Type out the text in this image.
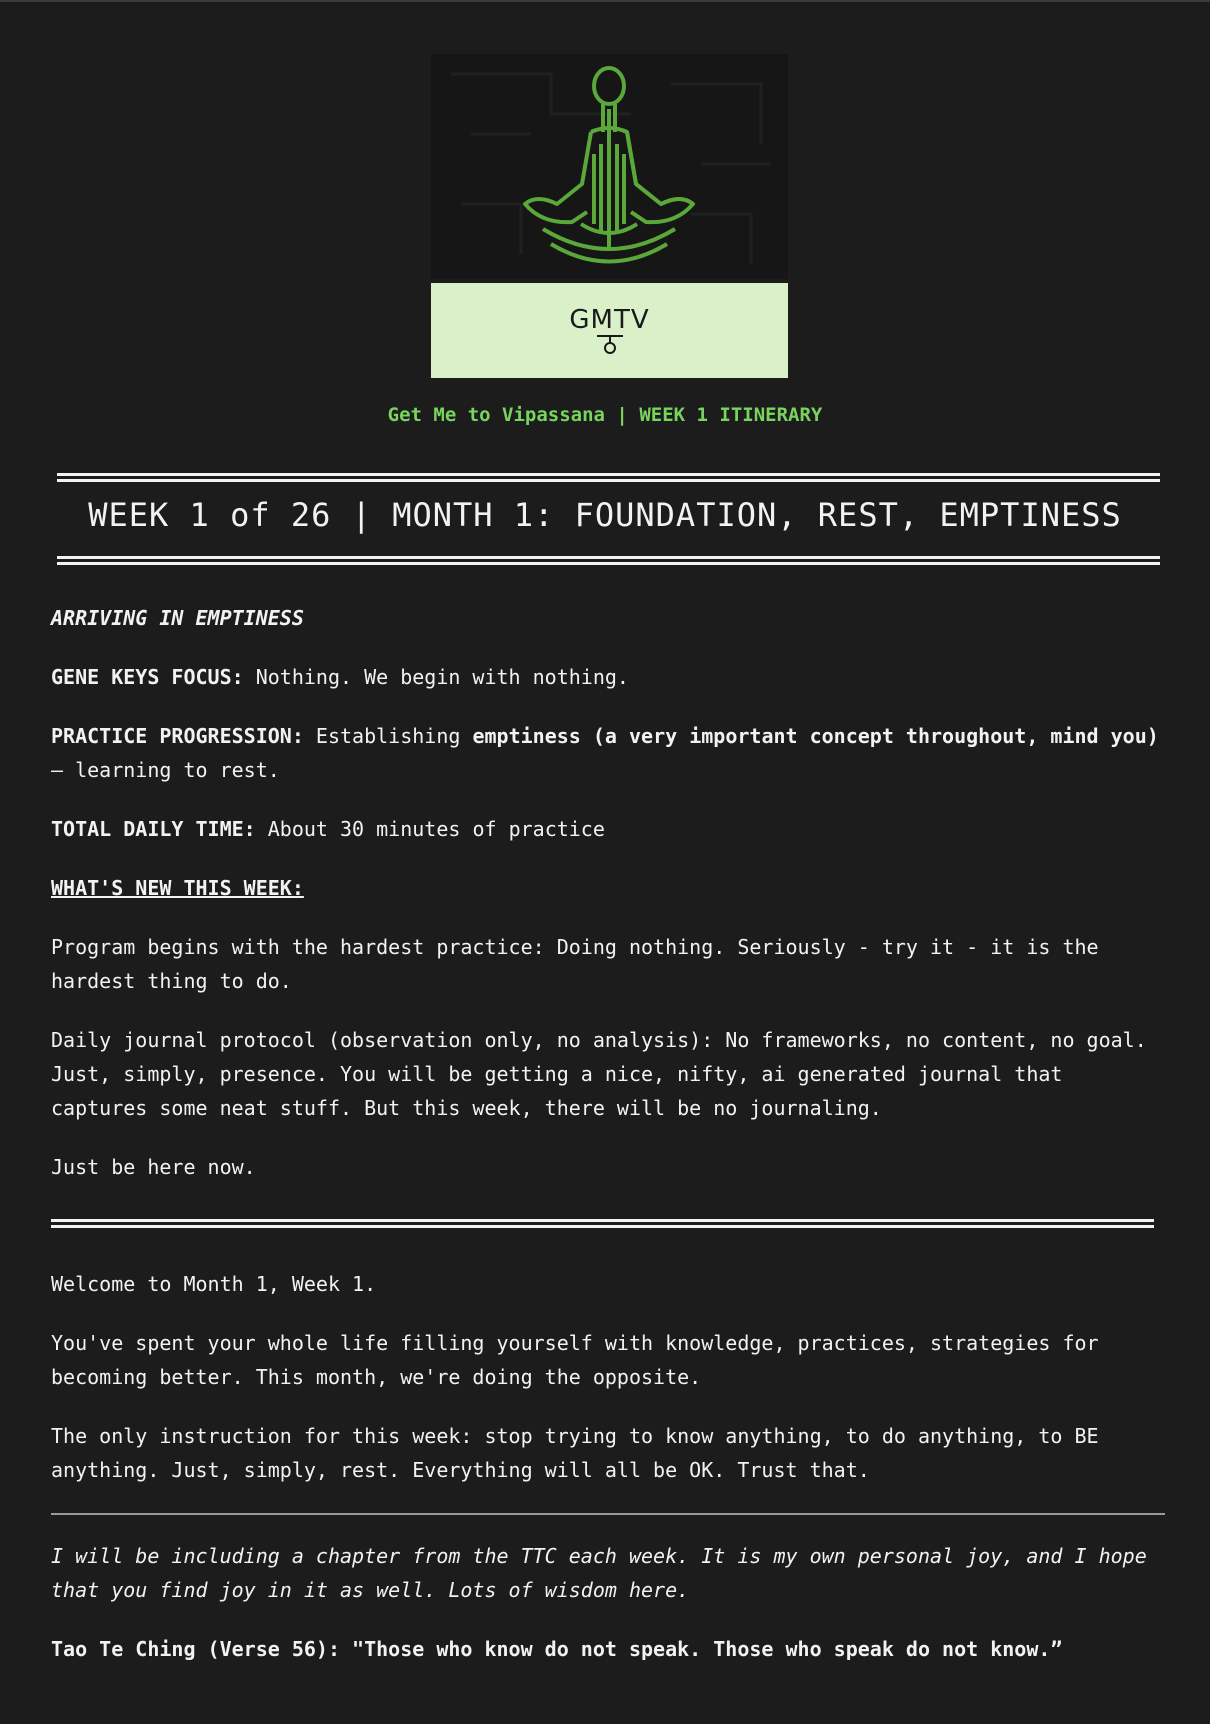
GMTV
Get Me to Vipassana | WEEK 1 ITINERARY
WEEK 1 of 26 | MONTH 1: FOUNDATION, REST, EMPTINESS

ARRIVING IN EMPTINESS

GENE KEYS FOCUS: Nothing. We begin with nothing.

PRACTICE PROGRESSION: Establishing emptiness (a very important concept throughout, mind you) — learning to rest.

TOTAL DAILY TIME: About 30 minutes of practice

WHAT'S NEW THIS WEEK:

Program begins with the hardest practice: Doing nothing. Seriously - try it - it is the hardest thing to do.

Daily journal protocol (observation only, no analysis): No frameworks, no content, no goal. Just, simply, presence. You will be getting a nice, nifty, ai generated journal that captures some neat stuff. But this week, there will be no journaling.

Just be here now.

Welcome to Month 1, Week 1.

You've spent your whole life filling yourself with knowledge, practices, strategies for becoming better. This month, we're doing the opposite.

The only instruction for this week: stop trying to know anything, to do anything, to BE anything. Just, simply, rest. Everything will all be OK. Trust that.

I will be including a chapter from the TTC each week. It is my own personal joy, and I hope that you find joy in it as well. Lots of wisdom here.

Tao Te Ching (Verse 56): "Those who know do not speak. Those who speak do not know.”
